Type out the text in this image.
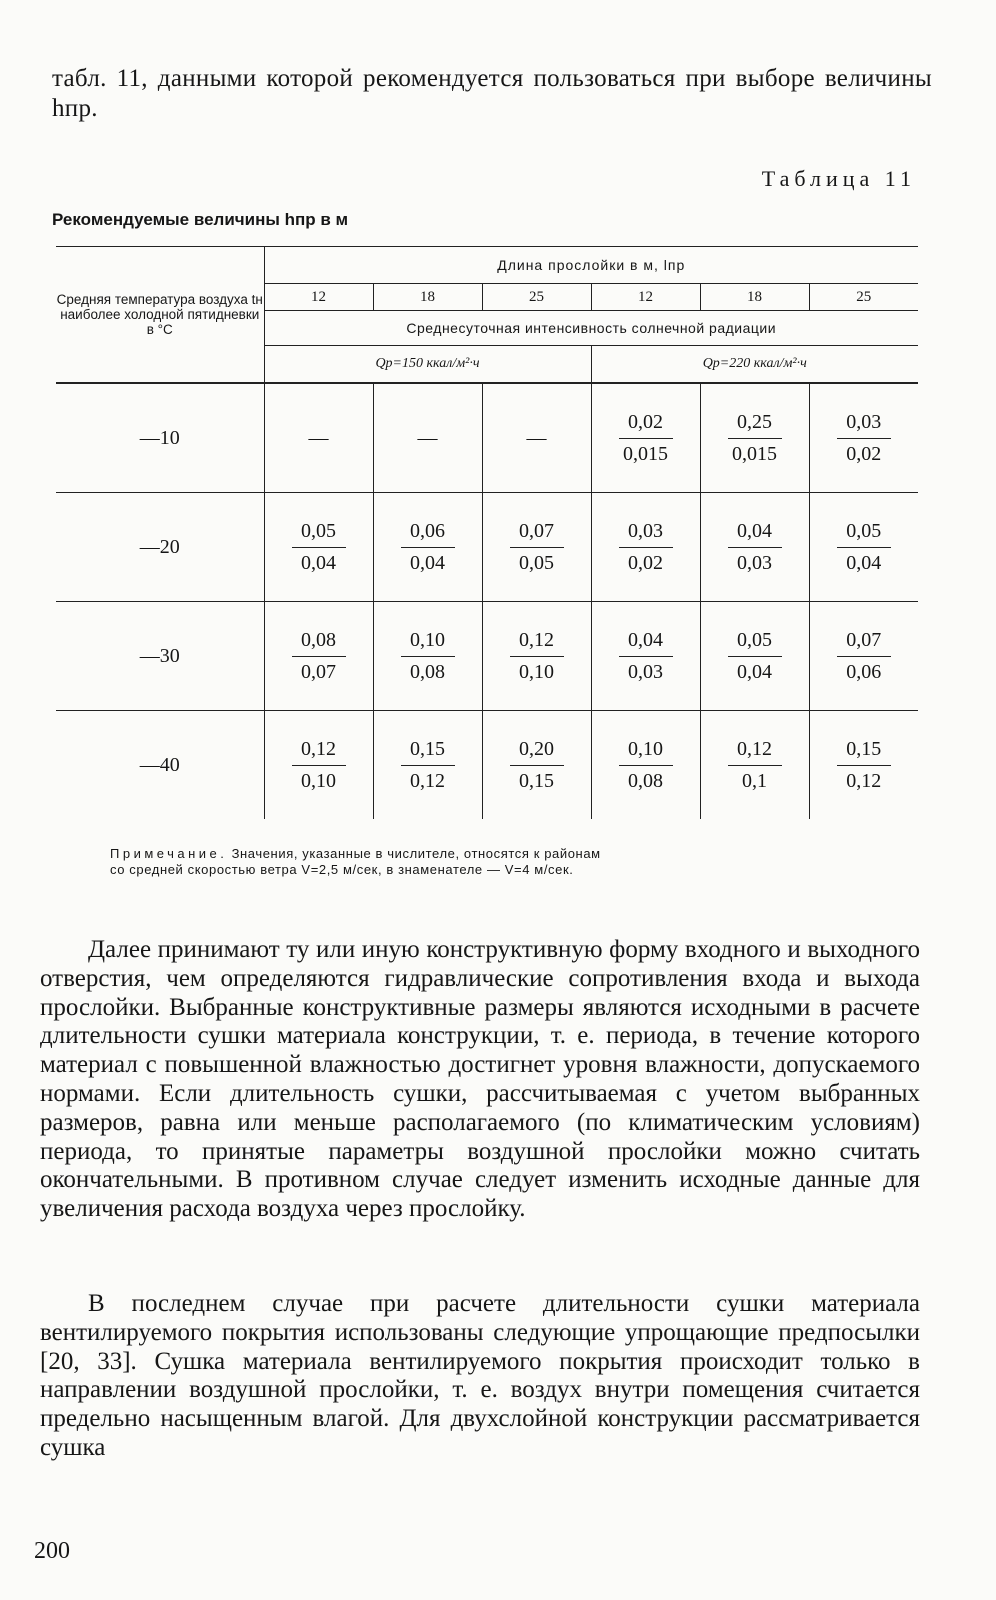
табл. 11, данными которой рекомендуется пользоваться при выборе величины hпр.
Таблица 11
Рекомендуемые величины hпр в м
Средняя температура воздуха tн наиболее холодной пятидневки в °С	Длина прослойки в м, lпр					
	12	18	25	12	18	25
	Среднесуточная интенсивность солнечной радиации					
	Qр=150 ккал/м²·ч			Qр=220 ккал/м²·ч		
—10	—	—	—	$\frac{0,02}{0,015}$	$\frac{0,25}{0,015}$	$\frac{0,03}{0,02}$

—20	$\frac{0,05}{0,04}$	$\frac{0,06}{0,04}$	$\frac{0,07}{0,05}$	$\frac{0,03}{0,02}$	$\frac{0,04}{0,03}$	$\frac{0,05}{0,04}$

—30	$\frac{0,08}{0,07}$	$\frac{0,10}{0,08}$	$\frac{0,12}{0,10}$	$\frac{0,04}{0,03}$	$\frac{0,05}{0,04}$	$\frac{0,07}{0,06}$

—40	$\frac{0,12}{0,10}$	$\frac{0,15}{0,12}$	$\frac{0,20}{0,15}$	$\frac{0,10}{0,08}$	$\frac{0,12}{0,1}$	$\frac{0,15}{0,12}$
Примечание. Значения, указанные в числителе, относятся к районам
со средней скоростью ветра V=2,5 м/сек, в знаменателе — V=4 м/сек.
Далее принимают ту или иную конструктивную форму входного и выходного отверстия, чем определяются гидравлические сопротивления входа и выхода прослойки. Выбранные конструктивные размеры являются исходными в расчете длительности сушки материала конструкции, т. е. периода, в течение которого материал с повышенной влажностью достигнет уровня влажности, допускаемого нормами. Если длительность сушки, рассчитываемая с учетом выбранных размеров, равна или меньше располагаемого (по климатическим условиям) периода, то принятые параметры воздушной прослойки можно считать окончательными. В противном случае следует изменить исходные данные для увеличения расхода воздуха через прослойку.
В последнем случае при расчете длительности сушки материала вентилируемого покрытия использованы следующие упрощающие предпосылки [20, 33]. Сушка материала вентилируемого покрытия происходит только в направлении воздушной прослойки, т. е. воздух внутри помещения считается предельно насыщенным влагой. Для двухслойной конструкции рассматривается сушка
200
